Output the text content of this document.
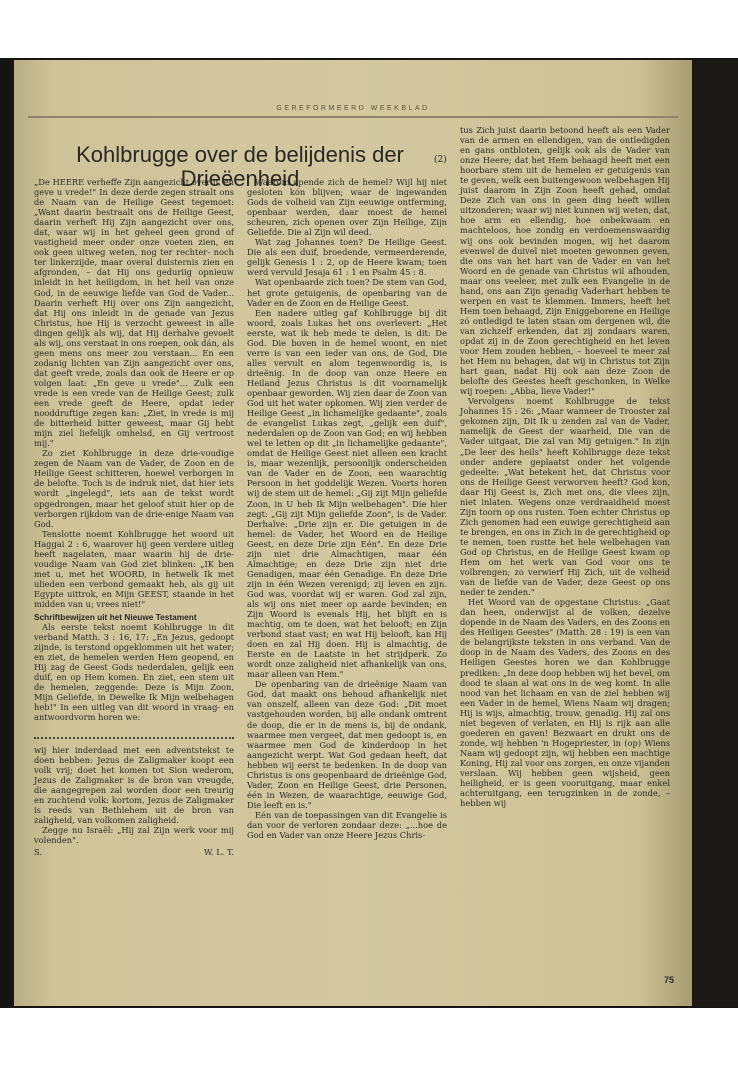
GEREFORMEERD WEEKBLAD
Kohlbrugge over de belijdenis der
Drieëenheid
(2)

„De HEERE verheffe Zijn aangezicht over u, en geve u vrede!" In deze derde zegen straalt ons de Naam van de Heilige Geest tegemoet: „Want daarin bestraalt ons de Heilige Geest, daarin verheft Hij Zijn aangezicht over ons, dat, waar wij in het geheel geen grond of vastigheid meer onder onze voeten zien, en ook geen uitweg weten, nog ter rechter- noch ter linkerzijde, maar overal duisternis zien en afgronden, – dat Hij ons geduriig opnieuw inleidt in het heiligdom, in het heil van onze God, in de eeuwige liefde van God de Vader... Daarin verheft Hij over ons Zijn aangezicht, dat Hij ons inleidt in de genade van Jezus Christus, hoe Hij is verzocht geweest in alle dingen gelijk als wij, dat Hij derhalve gevoelt als wij, ons verstaat in ons roepen, ook dán, als geen mens ons meer zou verstaan... En een zodanig lichten van Zijn aangezicht over ons, dat geeft vrede, zoals dan ook de Heere er op volgen laat: „En geve u vrede"... Zulk een vrede is een vrede van de Heilige Geest; zulk een vrede geeft de Heere, opdat ieder nooddruftige zegen kan: „Ziet, in vrede is mij de bitterheid bitter geweest, maar Gij hebt mijn ziel liefelijk omhelsd, en Gij vertroost mij."

Zo ziet Kohlbrugge in deze drie-voudige zegen de Naam van de Vader, de Zoon en de Heilige Geest schitteren, hoewel verborgen in de belofte. Toch is de indruk niet, dat hier iets wordt „ingelegd", iets aan de tekst wordt opgedrongen, maar het geloof stuit hier op de verborgen rijkdom van de drie-enige Naam van God.

Tenslotte noemt Kohlbrugge het woord uit Haggai 2 : 6, waarover hij geen verdere uitleg heeft nagelaten, maar waarin hij de drie-voudige Naam van God ziet blinken: „IK ben met u, met het WOORD, in hetwelk Ik met ulieden een verbond gemaakt heb, als gij uit Egypte uittrok, en Mijn GEEST, staande in het midden van u; vrees niet!"

Schriftbewijzen uit het Nieuwe Testament

Als eerste tekst noemt Kohlbrugge in dit verband Matth. 3 : 16, 17: „En Jezus, gedoopt zijnde, is terstond opgeklommen uit het water; en ziet, de hemelen werden Hem geopend, en Hij zag de Geest Gods nederdalen, gelijk een duif, en op Hem komen. En ziet, een stem uit de hemelen, zeggende: Deze is Mijn Zoon, Mijn Geliefde, in Dewelke Ik Mijn welbehagen heb!" In een uitleg van dit woord in vraag- en antwoordvorm horen we:

wij hier inderdaad met een adventstekst te doen hebben: Jezus de Zaligmaker koopt een volk vrij; doet het komen tot Sion wederom, Jezus de Zaligmaker is de bron van vreugde, die aangegrepen zal worden door een treurig en zuchtend volk: kortom, Jezus de Zaligmaker is reeds van Bethlehem uit de bron van zaligheid, van volkomen zaligheid.

Zegge nu Israël: „Hij zal Zijn werk voor mij volenden".

S.	W. L. T.

Waarom opende zich de hemel? Wijl hij niet gesloten kón blijven; waar de ingewanden Gods de volheid van Zijn eeuwige ontferming, openbaar werden, daar moest de hemel scheuren, zich openen over Zijn Heilige, Zijn Geliefde. Die al Zijn wil deed.

Wat zag Johannes toen? De Heilige Geest. Die als een duif, broedende, vermeerderende, gelijk Genesis 1 : 2, op de Heere kwam; toen werd vervuld Jesaja 61 : 1 en Psalm 45 : 8.

Wat openbaarde zich toen? De stem van God, het grote getuigenis, de openbaring van de Vader en de Zoon en de Heilige Geest.

Een nadere uitleg gaf Kohlbrugge bij dit woord, zoals Lukas het ons overlevert: „Het eerste, wat ik heb mede te delen, is dit: De God. Die boven in de hemel woont, en niet verre is van een ieder van ons, de God, Die alles vervult en alom tegenwoordig is, is drieënig. In de doop van onze Heere en Heiland Jezus Christus is dit voornamelijk openbaar geworden. Wij zien daar de Zoon van God uit het water opkomen. Wij zien verder de Heilige Geest „in lichamelijke gedaante", zoals de evangelist Lukas zegt, „gelijk een duif", nederdalen op de Zoon van God; en wij hebben wel te letten op dit „in lichamelijke gedaante", omdat de Heilige Geest niet alleen een kracht is, maar wezenlijk, persoonlijk onderscheiden van de Vader en de Zoon, een waarachtig Persoon in het goddelijk Wezen. Voorts horen wij de stem uit de hemel: „Gij zijt Mijn geliefde Zoon, in U heb Ik Mijn welbehagen". Die hier zegt: „Gij zijt Mijn geliefde Zoon", is de Vader. Derhalve: „Drie zijn er. Die getuigen in de hemel: de Vader, het Woord en de Heilige Geest, en deze Drie zijn Eén". En deze Drie zijn niet drie Almachtigen, maar één Almachtige; en deze Drie zijn niet drie Genadigen, maar één Genadige. En deze Drie zijn in één Wezen verenigd; zij leven en zijn. God was, voordat wij er waren. God zal zijn, als wij ons niet meer op aarde bevinden; en Zijn Woord is evenals Hij, het blijft en is machtig, om te doen, wat het belooft; en Zijn verbond staat vast; en wat Hij belooft, kan Hij doen en zal Hij doen. Hij is almachtig, de Eerste en de Laatste in het strijdperk. Zo wordt onze zaligheid niet afhankelijk van ons, maar alleen van Hem."

De openbaring van de drieënige Naam van God, dat maakt ons behoud afhankelijk niet van onszelf, alleen van deze God: „Dit moet vastgehouden worden, bij alle ondank omtrent de doop, die er in de mens is, bij de ondank, waarmee men vergeet, dat men gedoopt is, en waarmee men God de kinderdoop in het aangezicht werpt. Wat God gedaan heeft, dat hebben wij eerst te bedenken. In de doop van Christus is ons geopenbaard de drieënige God, Vader, Zoon en Heilige Geest, drie Personen, één in Wezen, de waarachtige, eeuwige God, Die leeft en is."

Eén van de toepassingen van dit Evangelie is dan voor de verloren zondaar deze: „...hoe de God en Vader van onze Heere Jezus Chris-

tus Zich juist daarin betoond heeft als een Vader van de armen en ellendigen, van de ontledigden en gans ontbloten, gelijk ook als de Vader van onze Heere; dat het Hem behaagd heeft met een hoorbare stem uit de hemelen er getuigenis van te geven, welk een buitengewoon welbehagen Hij juist daarom in Zijn Zoon heeft gehad, omdat Deze Zich van ons in geen ding heeft willen uitzonderen; waar wij niet kunnen wij weten, dat, hoe arm en ellendig, hoe onbekwaam en machteloos, hoe zondig en verdoemenswaardig wij ons ook bevinden mogen, wij het daarom evenwel de duivel niet moeten gewonnen geven, die ons van het hart van de Vader en van het Woord en de genade van Christus wil afhouden, maar ons veeleer, met zulk een Evangelie in de hand, ons aan Zijn genadig Vaderhart hebben te werpen en vast te klemmen. Immers, heeft het Hem toen behaagd, Zijn Eniggeborene en Heilige zó ontledigd te laten staan om dergenen wil, die van zichzelf erkenden, dat zij zondaars waren, opdat zij in de Zoon gerechtigheid en het leven voor Hem zouden hebben, – hoeveel te meer zal het Hem nu behagen, dat wij in Christus tot Zijn hart gaan, nadat Hij ook aan deze Zoon de belofte des Geestes heeft geschonken, in Welke wij roepen: „Abba, lieve Vader!"

Vervolgens noemt Kohlbrugge de tekst Johannes 15 : 26: „Maar wanneer de Trooster zal gekomen zijn, Dit Ik u zenden zal van de Vader, namelijk de Geest der waarheid, Die van de Vader uitgaat, Die zal van Mij getuigen." In zijn „De leer des heils" heeft Kohlbrugge deze tekst onder andere geplaatst onder het volgende gedeelte: „Wat betekent het, dat Christus voor ons de Heilige Geest verworven heeft? God kon, daar Hij Geest is, Zich met ons, die vlees zijn, niet inlaten. Wegens onze verdraaidheid moest Zijn toorn op ons rusten. Toen echter Christus op Zich genomen had een euwige gerechtigheid aan te brengen, en ons in Zich in de gerechtigheid op te nemen, toen rustte het hele welbehagen van God op Christus, en de Heilige Geest kwam op Hem om het werk van God voor ons te volbrengen; zo verwierf Hij Zich, uit de volheid van de liefde van de Vader, deze Geest op ons neder te zenden."

Het Woord van de opgestane Christus: „Gaat dan heen, onderwijst al de volken, dezelve dopende in de Naam des Vaders, en des Zoons en des Heiligen Geestes" (Matth. 28 : 19) is een van de belangrijkste teksten in ons verband. Van de doop in de Naam des Vaders, des Zoons en des Heiligen Geestes horen we dan Kohlbrugge prediken: „In deze doop hebben wij het bevel, om dood te slaan al wat ons in de weg komt. In alle nood van het lichaam en van de ziel hebben wij een Vader in de hemel, Wiens Naam wij dragen; Hij is wijs, almachtig, trouw, genadig. Hij zal ons niet begeven of verlaten, en Hij is rijk aan alle goederen en gaven! Bezwaart en drukt ons de zonde, wij hebben 'n Hogepriester, in (op) Wiens Naam wij gedoopt zijn, wij hebben een machtige Koning, Hij zal voor ons zorgen, en onze vijanden verslaan. Wij hebben geen wijsheid, geen heiligheid, er is geen vooruitgang, maar enkel achteruitgang, een terugzinken in de zonde, – hebben wij

75
